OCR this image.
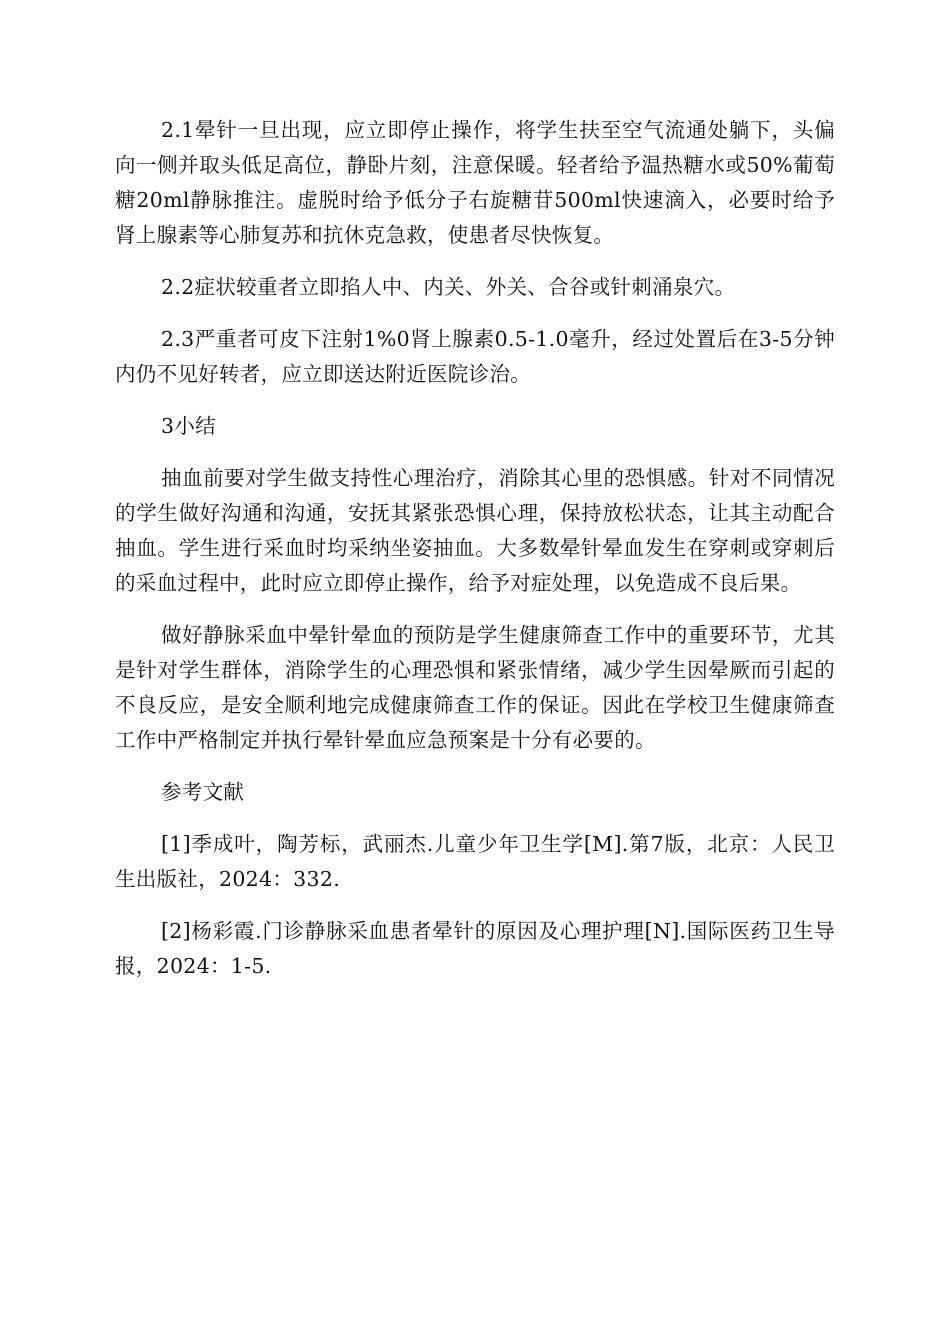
2.1晕针一旦出现，应立即停止操作，将学生扶至空气流通处躺下，头偏向一侧并取头低足高位，静卧片刻，注意保暖。轻者给予温热糖水或50%葡萄糖20ml静脉推注。虚脱时给予低分子右旋糖苷500ml快速滴入，必要时给予肾上腺素等心肺复苏和抗休克急救，使患者尽快恢复。

2.2症状较重者立即掐人中、内关、外关、合谷或针刺涌泉穴。

2.3严重者可皮下注射1%0肾上腺素0.5-1.0毫升，经过处置后在3-5分钟内仍不见好转者，应立即送达附近医院诊治。

3小结

抽血前要对学生做支持性心理治疗，消除其心里的恐惧感。针对不同情况的学生做好沟通和沟通，安抚其紧张恐惧心理，保持放松状态，让其主动配合抽血。学生进行采血时均采纳坐姿抽血。大多数晕针晕血发生在穿刺或穿刺后的采血过程中，此时应立即停止操作，给予对症处理，以免造成不良后果。

做好静脉采血中晕针晕血的预防是学生健康筛查工作中的重要环节，尤其是针对学生群体，消除学生的心理恐惧和紧张情绪，减少学生因晕厥而引起的不良反应，是安全顺利地完成健康筛查工作的保证。因此在学校卫生健康筛查工作中严格制定并执行晕针晕血应急预案是十分有必要的。

参考文献

[1]季成叶，陶芳标，武丽杰.儿童少年卫生学[M].第7版，北京：人民卫生出版社，2024：332.

[2]杨彩霞.门诊静脉采血患者晕针的原因及心理护理[N].国际医药卫生导报，2024：1-5.
